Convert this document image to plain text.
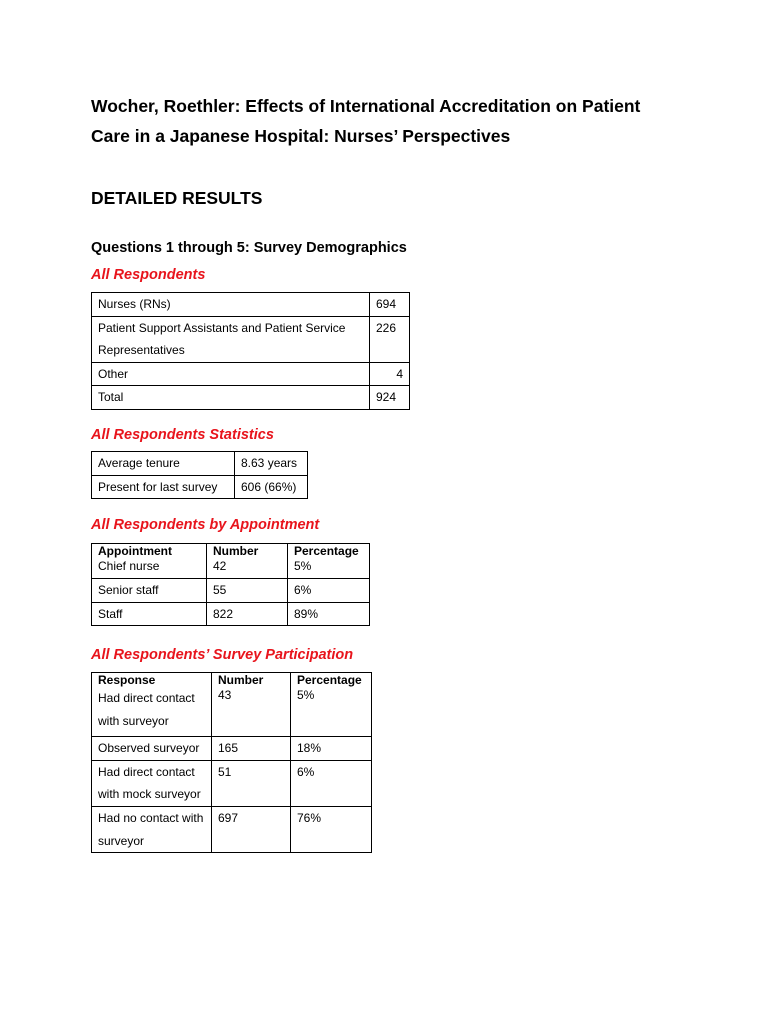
Wocher, Roethler: Effects of International Accreditation on Patient
Care in a Japanese Hospital: Nurses’ Perspectives
DETAILED RESULTS
Questions 1 through 5: Survey Demographics
All Respondents
Nurses (RNs)	694
Patient Support Assistants and Patient Service Representatives	226
Other	4
Total	924
All Respondents Statistics
Average tenure	8.63 years
Present for last survey	606 (66%)
All Respondents by Appointment
Appointment	Number	Percentage
Chief nurse	42	5%
Senior staff	55	6%
Staff	822	89%
All Respondents’ Survey Participation
Response	Number	Percentage
Had direct contact with surveyor	43	5%
Observed surveyor	165	18%
Had direct contact with mock surveyor	51	6%
Had no contact with surveyor	697	76%
